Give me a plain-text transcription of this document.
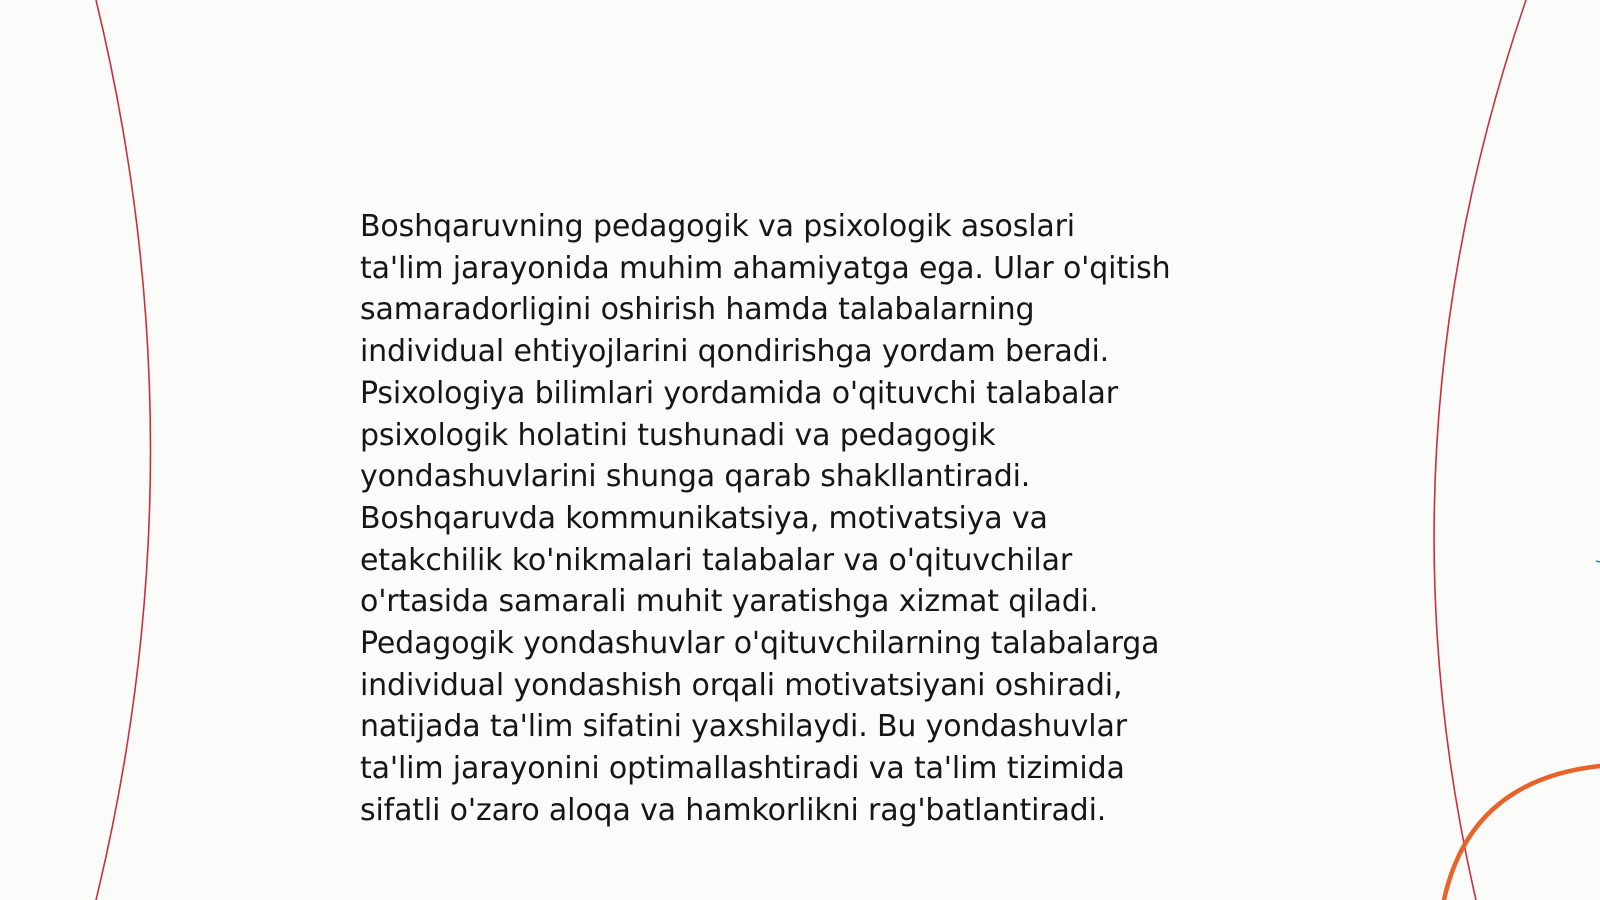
Boshqaruvning pedagogik va psixologik asoslari
ta'lim jarayonida muhim ahamiyatga ega. Ular o'qitish
samaradorligini oshirish hamda talabalarning
individual ehtiyojlarini qondirishga yordam beradi.
Psixologiya bilimlari yordamida o'qituvchi talabalar
psixologik holatini tushunadi va pedagogik
yondashuvlarini shunga qarab shakllantiradi.
Boshqaruvda kommunikatsiya, motivatsiya va
etakchilik ko'nikmalari talabalar va o'qituvchilar
o'rtasida samarali muhit yaratishga xizmat qiladi.
Pedagogik yondashuvlar o'qituvchilarning talabalarga
individual yondashish orqali motivatsiyani oshiradi,
natijada ta'lim sifatini yaxshilaydi. Bu yondashuvlar
ta'lim jarayonini optimallashtiradi va ta'lim tizimida
sifatli o'zaro aloqa va hamkorlikni rag'batlantiradi.
